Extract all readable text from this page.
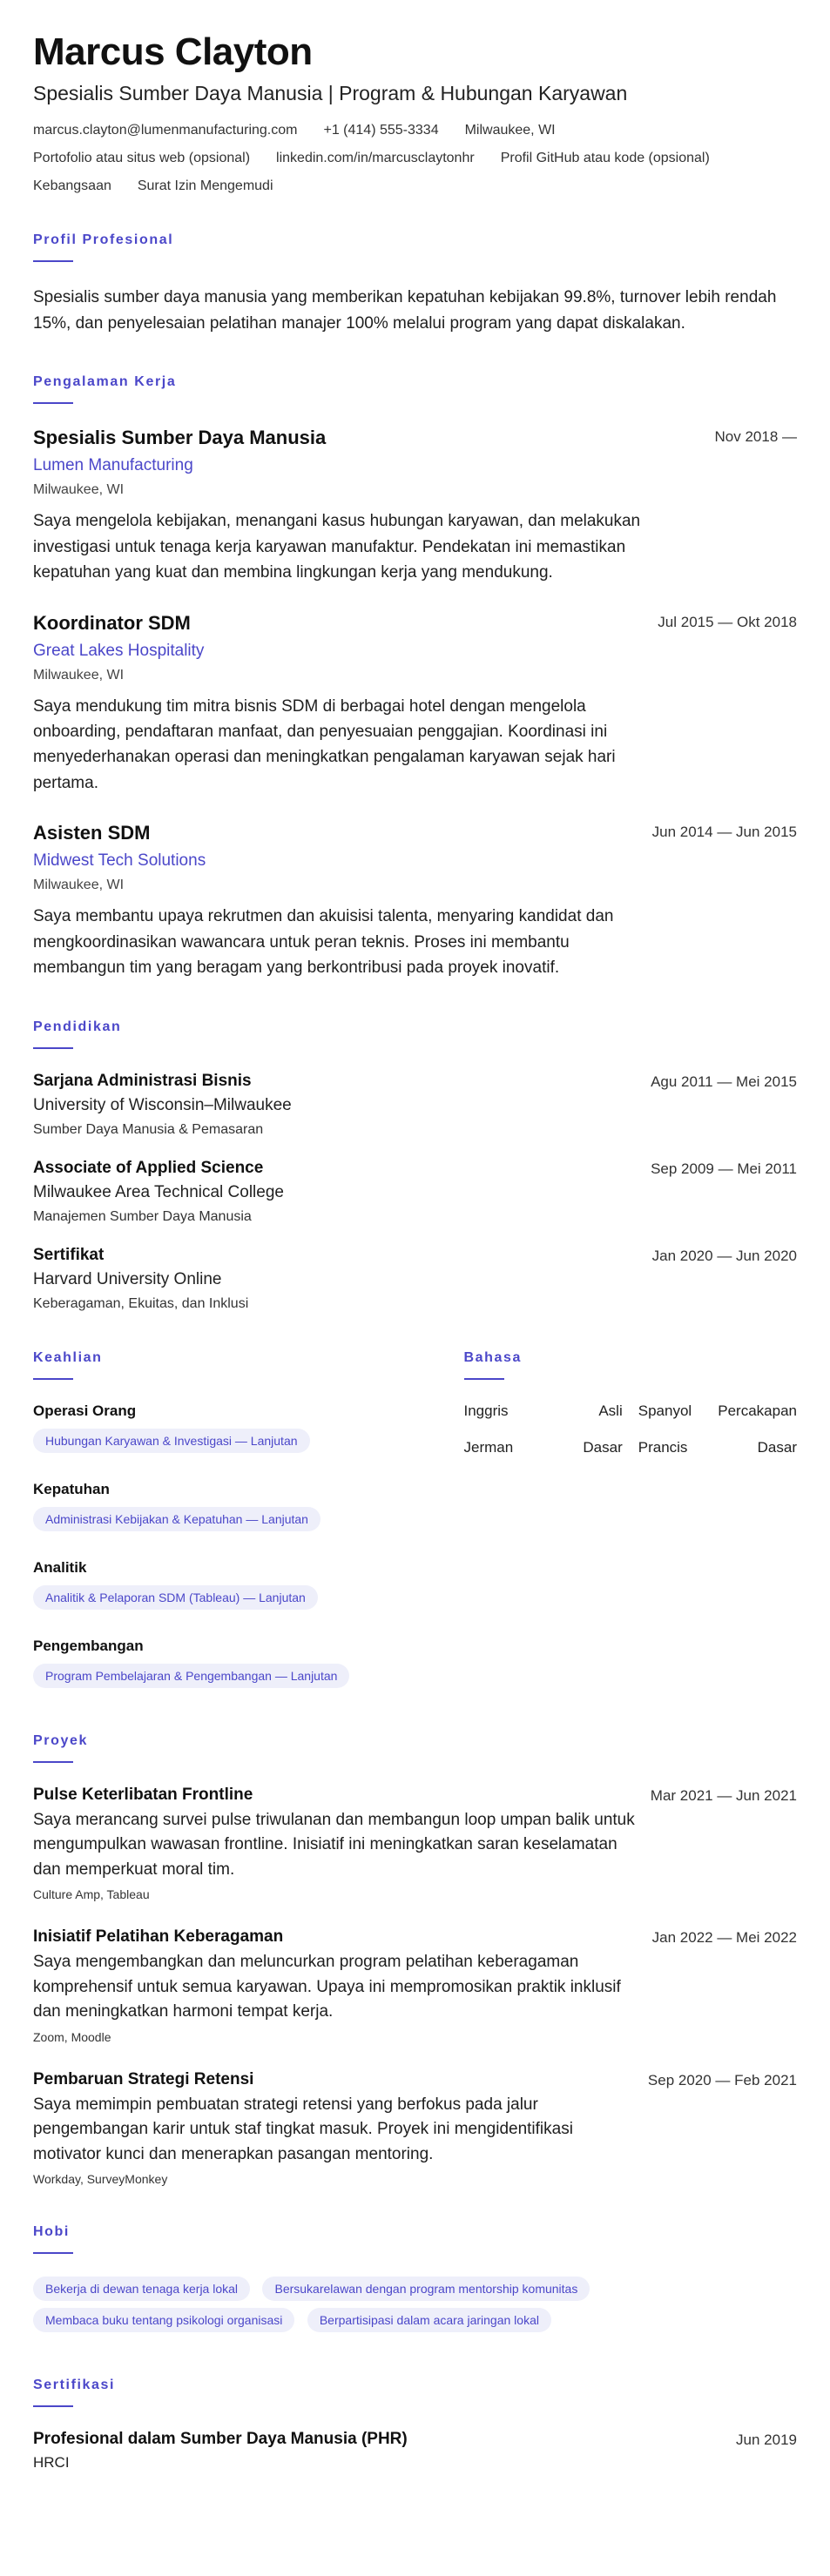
Marcus Clayton
Spesialis Sumber Daya Manusia | Program & Hubungan Karyawan
marcus.clayton@lumenmanufacturing.com +1 (414) 555-3334 Milwaukee, WI
Portofolio atau situs web (opsional) linkedin.com/in/marcusclaytonhr Profil GitHub atau kode (opsional)
Kebangsaan Surat Izin Mengemudi
Profil Profesional

Spesialis sumber daya manusia yang memberikan kepatuhan kebijakan 99.8%, turnover lebih rendah 15%, dan penyelesaian pelatihan manajer 100% melalui program yang dapat diskalakan.

Pengalaman Kerja
Spesialis Sumber Daya Manusia
Lumen Manufacturing
Milwaukee, WI
Saya mengelola kebijakan, menangani kasus hubungan karyawan, dan melakukan investigasi untuk tenaga kerja karyawan manufaktur. Pendekatan ini memastikan kepatuhan yang kuat dan membina lingkungan kerja yang mendukung.
Nov 2018 —
Koordinator SDM
Great Lakes Hospitality
Milwaukee, WI
Saya mendukung tim mitra bisnis SDM di berbagai hotel dengan mengelola onboarding, pendaftaran manfaat, dan penyesuaian penggajian. Koordinasi ini menyederhanakan operasi dan meningkatkan pengalaman karyawan sejak hari pertama.
Jul 2015 — Okt 2018
Asisten SDM
Midwest Tech Solutions
Milwaukee, WI
Saya membantu upaya rekrutmen dan akuisisi talenta, menyaring kandidat dan mengkoordinasikan wawancara untuk peran teknis. Proses ini membantu membangun tim yang beragam yang berkontribusi pada proyek inovatif.
Jun 2014 — Jun 2015
Pendidikan
Sarjana Administrasi Bisnis
University of Wisconsin–Milwaukee
Sumber Daya Manusia & Pemasaran
Agu 2011 — Mei 2015
Associate of Applied Science
Milwaukee Area Technical College
Manajemen Sumber Daya Manusia
Sep 2009 — Mei 2011
Sertifikat
Harvard University Online
Keberagaman, Ekuitas, dan Inklusi
Jan 2020 — Jun 2020
Keahlian
Operasi Orang
Hubungan Karyawan & Investigasi — Lanjutan
Kepatuhan
Administrasi Kebijakan & Kepatuhan — Lanjutan
Analitik
Analitik & Pelaporan SDM (Tableau) — Lanjutan
Pengembangan
Program Pembelajaran & Pengembangan — Lanjutan
Bahasa
Inggris	Asli Spanyol Percakapan
Jerman	Dasar Prancis	Dasar
Proyek
Pulse Keterlibatan Frontline
Saya merancang survei pulse triwulanan dan membangun loop umpan balik untuk mengumpulkan wawasan frontline. Inisiatif ini meningkatkan saran keselamatan dan memperkuat moral tim.
Culture Amp, Tableau
Mar 2021 — Jun 2021
Inisiatif Pelatihan Keberagaman
Saya mengembangkan dan meluncurkan program pelatihan keberagaman komprehensif untuk semua karyawan. Upaya ini mempromosikan praktik inklusif dan meningkatkan harmoni tempat kerja.
Zoom, Moodle
Jan 2022 — Mei 2022
Pembaruan Strategi Retensi
Saya memimpin pembuatan strategi retensi yang berfokus pada jalur pengembangan karir untuk staf tingkat masuk. Proyek ini mengidentifikasi motivator kunci dan menerapkan pasangan mentoring.
Workday, SurveyMonkey
Sep 2020 — Feb 2021
Hobi
Bekerja di dewan tenaga kerja lokal	Bersukarelawan dengan program mentorship komunitas Membaca buku tentang psikologi organisasi	Berpartisipasi dalam acara jaringan lokal
Sertifikasi
Profesional dalam Sumber Daya Manusia (PHR)
HRCI
Jun 2019
